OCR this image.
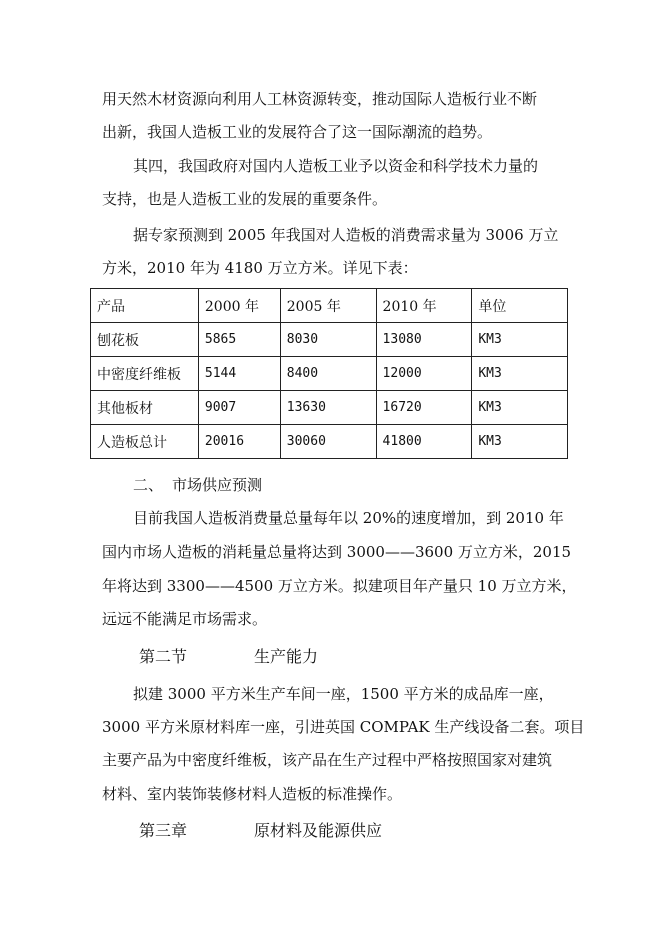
用天然木材资源向利用人工林资源转变，推动国际人造板行业不断
出新，我国人造板工业的发展符合了这一国际潮流的趋势。
其四，我国政府对国内人造板工业予以资金和科学技术力量的
支持，也是人造板工业的发展的重要条件。
据专家预测到 2005 年我国对人造板的消费需求量为 3006 万立
方米，2010 年为 4180 万立方米。详见下表：
产品	2000 年	2005 年	2010 年	单位
刨花板	5865	8030	13080	KM3
中密度纤维板	5144	8400	12000	KM3
其他板材	9007	13630	16720	KM3
人造板总计	20016	30060	41800	KM3
二、 市场供应预测
目前我国人造板消费量总量每年以 20%的速度增加，到 2010 年
国内市场人造板的消耗量总量将达到 3000——3600 万立方米，2015
年将达到 3300——4500 万立方米。拟建项目年产量只 10 万立方米，
远远不能满足市场需求。
第二节	生产能力
拟建 3000 平方米生产车间一座，1500 平方米的成品库一座，
3000 平方米原材料库一座，引进英国 COMPAK 生产线设备二套。项目
主要产品为中密度纤维板，该产品在生产过程中严格按照国家对建筑
材料、室内装饰装修材料人造板的标准操作。
第三章	原材料及能源供应
